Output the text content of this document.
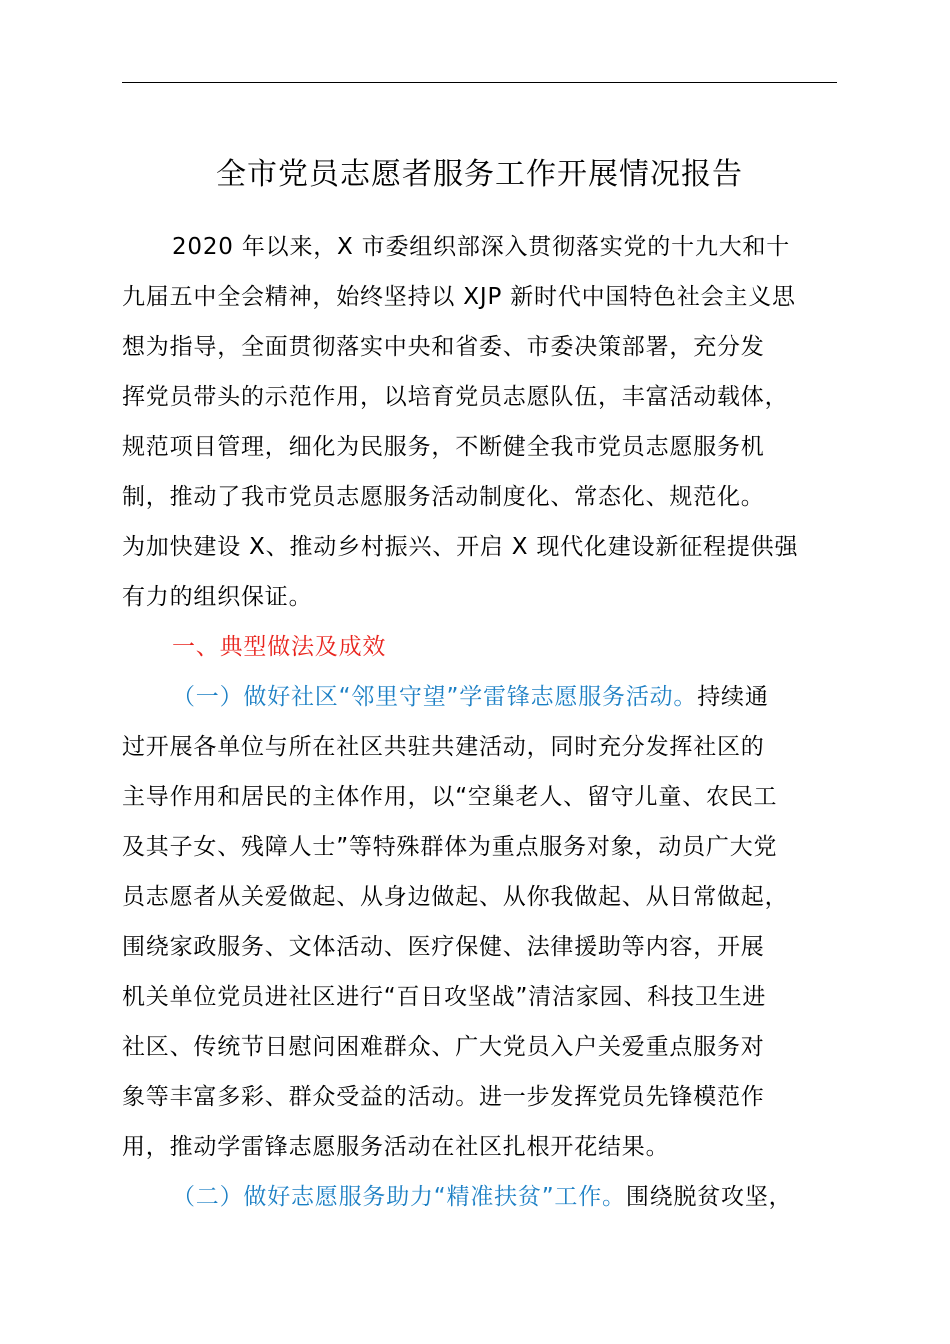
全市党员志愿者服务工作开展情况报告
2020 年以来，X 市委组织部深入贯彻落实党的十九大和十
九届五中全会精神，始终坚持以 XJP 新时代中国特色社会主义思
想为指导，全面贯彻落实中央和省委、市委决策部署，充分发
挥党员带头的示范作用，以培育党员志愿队伍，丰富活动载体，
规范项目管理，细化为民服务，不断健全我市党员志愿服务机
制，推动了我市党员志愿服务活动制度化、常态化、规范化。
为加快建设 X、推动乡村振兴、开启 X 现代化建设新征程提供强
有力的组织保证。
一、典型做法及成效
（一）做好社区“邻里守望”学雷锋志愿服务活动。持续通
过开展各单位与所在社区共驻共建活动，同时充分发挥社区的
主导作用和居民的主体作用，以“空巢老人、留守儿童、农民工
及其子女、残障人士”等特殊群体为重点服务对象，动员广大党
员志愿者从关爱做起、从身边做起、从你我做起、从日常做起，
围绕家政服务、文体活动、医疗保健、法律援助等内容，开展
机关单位党员进社区进行“百日攻坚战”清洁家园、科技卫生进
社区、传统节日慰问困难群众、广大党员入户关爱重点服务对
象等丰富多彩、群众受益的活动。进一步发挥党员先锋模范作
用，推动学雷锋志愿服务活动在社区扎根开花结果。
（二）做好志愿服务助力“精准扶贫”工作。围绕脱贫攻坚，
